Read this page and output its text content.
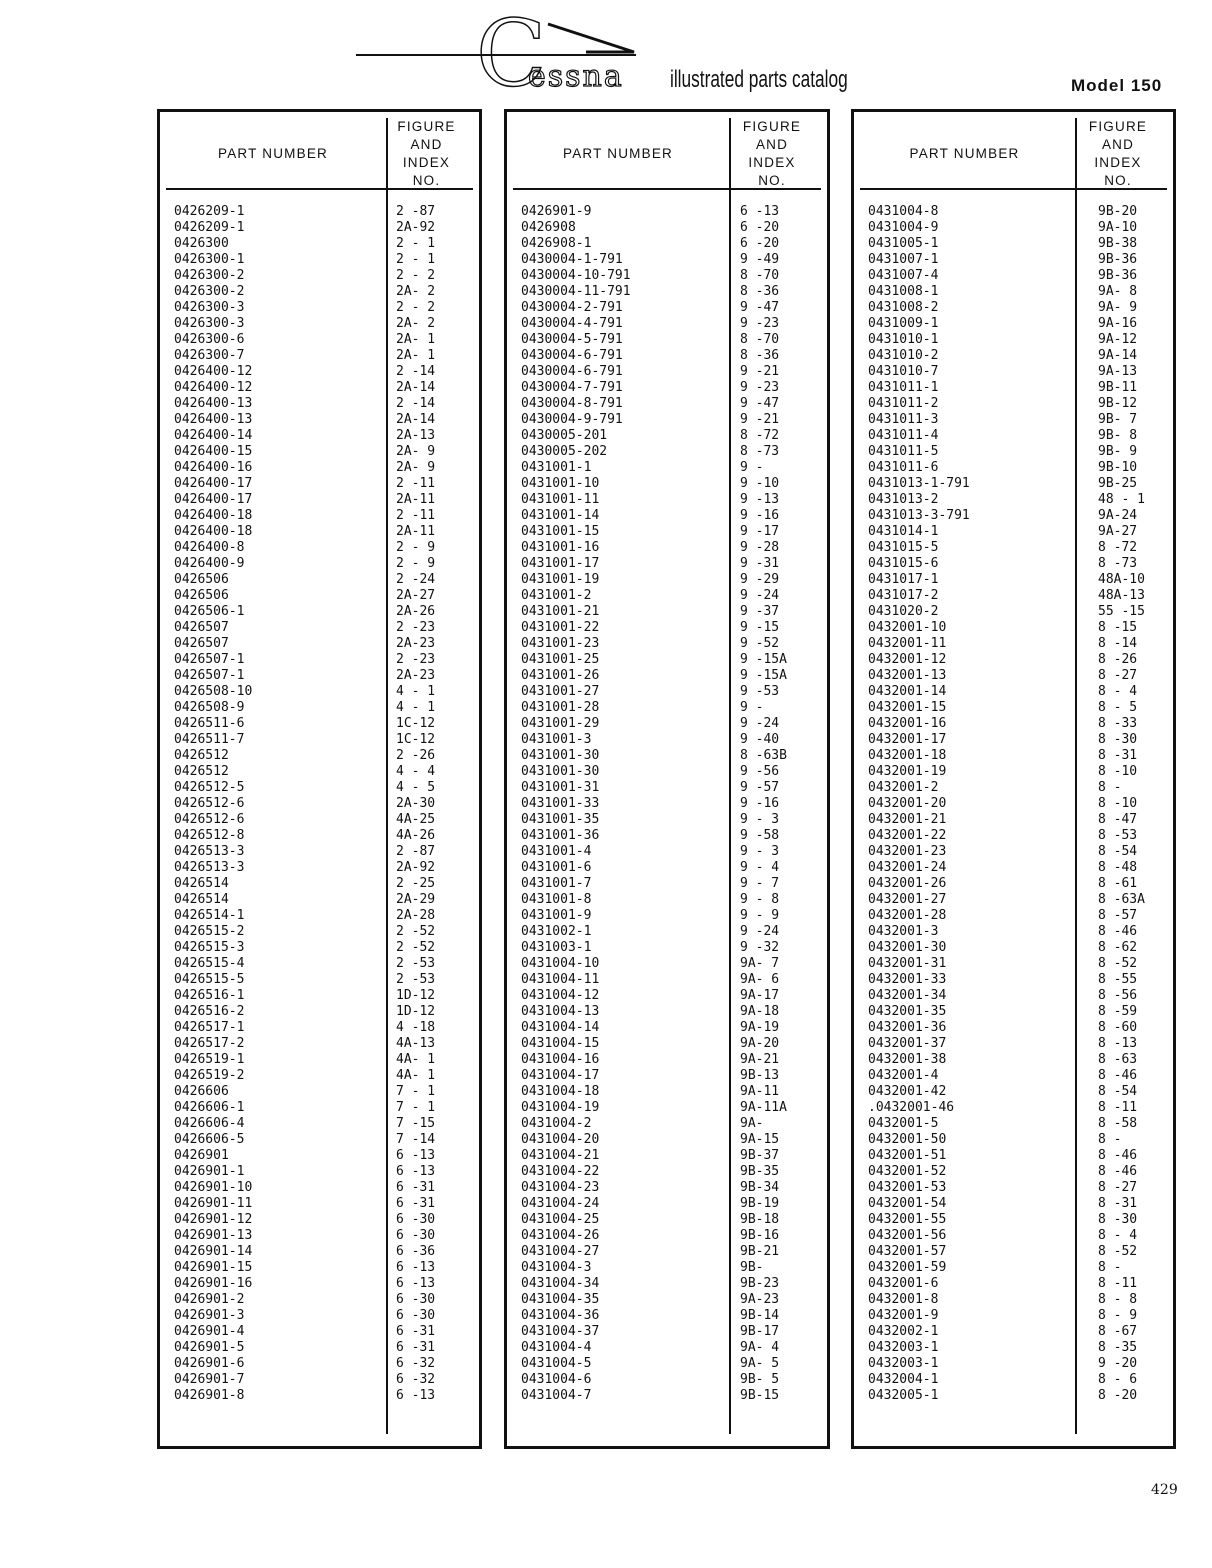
C
essna illustrated parts catalog	Model 150
PART NUMBER
FIGURE
AND
INDEX
NO.
0426209-1	2 -87
0426209-1	2A-92
0426300	2 - 1
0426300-1	2 - 1
0426300-2	2 - 2
0426300-2	2A- 2
0426300-3	2 - 2
0426300-3	2A- 2
0426300-6	2A- 1
0426300-7	2A- 1
0426400-12	2 -14
0426400-12	2A-14
0426400-13	2 -14
0426400-13	2A-14
0426400-14	2A-13
0426400-15	2A- 9
0426400-16	2A- 9
0426400-17	2 -11
0426400-17	2A-11
0426400-18	2 -11
0426400-18	2A-11
0426400-8	2 - 9
0426400-9	2 - 9
0426506	2 -24
0426506	2A-27
0426506-1	2A-26
0426507	2 -23
0426507	2A-23
0426507-1	2 -23
0426507-1	2A-23
0426508-10	4 - 1
0426508-9	4 - 1
0426511-6	1C-12
0426511-7	1C-12
0426512	2 -26
0426512	4 - 4
0426512-5	4 - 5
0426512-6	2A-30
0426512-6	4A-25
0426512-8	4A-26
0426513-3	2 -87
0426513-3	2A-92
0426514	2 -25
0426514	2A-29
0426514-1	2A-28
0426515-2	2 -52
0426515-3	2 -52
0426515-4	2 -53
0426515-5	2 -53
0426516-1	1D-12
0426516-2	1D-12
0426517-1	4 -18
0426517-2	4A-13
0426519-1	4A- 1
0426519-2	4A- 1
0426606	7 - 1
0426606-1	7 - 1
0426606-4	7 -15
0426606-5	7 -14
0426901	6 -13
0426901-1	6 -13
0426901-10	6 -31
0426901-11	6 -31
0426901-12	6 -30
0426901-13	6 -30
0426901-14	6 -36
0426901-15	6 -13
0426901-16	6 -13
0426901-2	6 -30
0426901-3	6 -30
0426901-4	6 -31
0426901-5	6 -31
0426901-6	6 -32
0426901-7	6 -32
0426901-8	6 -13
PART NUMBER
FIGURE
AND
INDEX
NO.
0426901-9	6 -13
0426908	6 -20
0426908-1	6 -20
0430004-1-791	9 -49
0430004-10-791	8 -70
0430004-11-791	8 -36
0430004-2-791	9 -47
0430004-4-791	9 -23
0430004-5-791	8 -70
0430004-6-791	8 -36
0430004-6-791	9 -21
0430004-7-791	9 -23
0430004-8-791	9 -47
0430004-9-791	9 -21
0430005-201	8 -72
0430005-202	8 -73
0431001-1	9 -
0431001-10	9 -10
0431001-11	9 -13
0431001-14	9 -16
0431001-15	9 -17
0431001-16	9 -28
0431001-17	9 -31
0431001-19	9 -29
0431001-2	9 -24
0431001-21	9 -37
0431001-22	9 -15
0431001-23	9 -52
0431001-25	9 -15A
0431001-26	9 -15A
0431001-27	9 -53
0431001-28	9 -
0431001-29	9 -24
0431001-3	9 -40
0431001-30	8 -63B
0431001-30	9 -56
0431001-31	9 -57
0431001-33	9 -16
0431001-35	9 - 3
0431001-36	9 -58
0431001-4	9 - 3
0431001-6	9 - 4
0431001-7	9 - 7
0431001-8	9 - 8
0431001-9	9 - 9
0431002-1	9 -24
0431003-1	9 -32
0431004-10	9A- 7
0431004-11	9A- 6
0431004-12	9A-17
0431004-13	9A-18
0431004-14	9A-19
0431004-15	9A-20
0431004-16	9A-21
0431004-17	9B-13
0431004-18	9A-11
0431004-19	9A-11A
0431004-2	9A-
0431004-20	9A-15
0431004-21	9B-37
0431004-22	9B-35
0431004-23	9B-34
0431004-24	9B-19
0431004-25	9B-18
0431004-26	9B-16
0431004-27	9B-21
0431004-3	9B-
0431004-34	9B-23
0431004-35	9A-23
0431004-36	9B-14
0431004-37	9B-17
0431004-4	9A- 4
0431004-5	9A- 5
0431004-6	9B- 5
0431004-7	9B-15
PART NUMBER
FIGURE
AND
INDEX
NO.
0431004-8	9B-20
0431004-9	9A-10
0431005-1	9B-38
0431007-1	9B-36
0431007-4	9B-36
0431008-1	9A- 8
0431008-2	9A- 9
0431009-1	9A-16
0431010-1	9A-12
0431010-2	9A-14
0431010-7	9A-13
0431011-1	9B-11
0431011-2	9B-12
0431011-3	9B- 7
0431011-4	9B- 8
0431011-5	9B- 9
0431011-6	9B-10
0431013-1-791	9B-25
0431013-2	48 - 1
0431013-3-791	9A-24
0431014-1	9A-27
0431015-5	8 -72
0431015-6	8 -73
0431017-1	48A-10
0431017-2	48A-13
0431020-2	55 -15
0432001-10	8 -15
0432001-11	8 -14
0432001-12	8 -26
0432001-13	8 -27
0432001-14	8 - 4
0432001-15	8 - 5
0432001-16	8 -33
0432001-17	8 -30
0432001-18	8 -31
0432001-19	8 -10
0432001-2	8 -
0432001-20	8 -10
0432001-21	8 -47
0432001-22	8 -53
0432001-23	8 -54
0432001-24	8 -48
0432001-26	8 -61
0432001-27	8 -63A
0432001-28	8 -57
0432001-3	8 -46
0432001-30	8 -62
0432001-31	8 -52
0432001-33	8 -55
0432001-34	8 -56
0432001-35	8 -59
0432001-36	8 -60
0432001-37	8 -13
0432001-38	8 -63
0432001-4	8 -46
0432001-42	8 -54
.0432001-46	8 -11
0432001-5	8 -58
0432001-50	8 -
0432001-51	8 -46
0432001-52	8 -46
0432001-53	8 -27
0432001-54	8 -31
0432001-55	8 -30
0432001-56	8 - 4
0432001-57	8 -52
0432001-59	8 -
0432001-6	8 -11
0432001-8	8 - 8
0432001-9	8 - 9
0432002-1	8 -67
0432003-1	8 -35
0432003-1	9 -20
0432004-1	8 - 6
0432005-1	8 -20
429
